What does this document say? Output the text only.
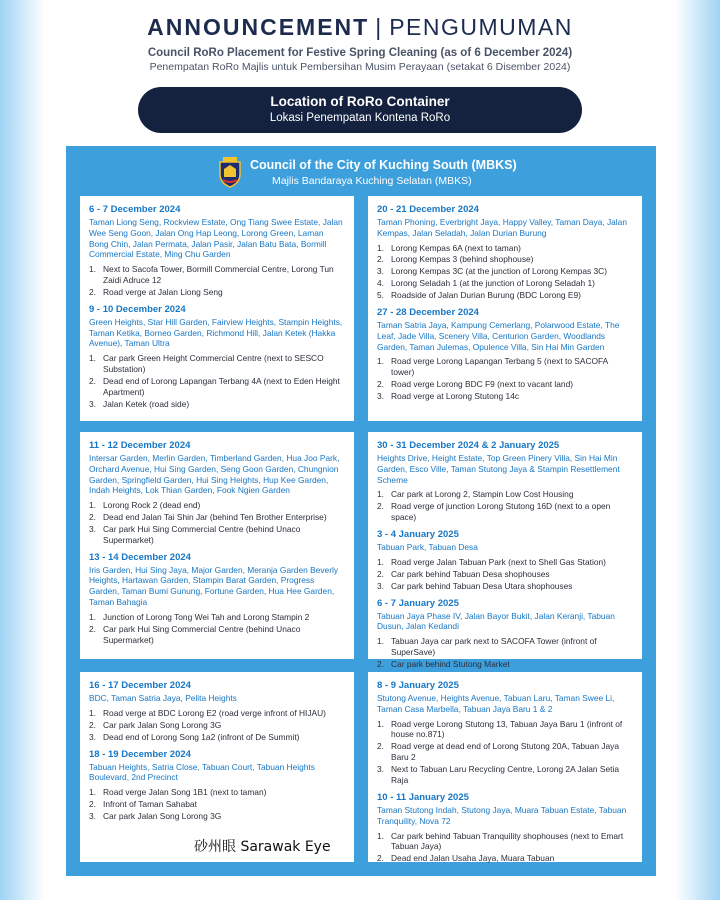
ANNOUNCEMENT | PENGUMUMAN
Council RoRo Placement for Festive Spring Cleaning (as of 6 December 2024)
Penempatan RoRo Majlis untuk Pembersihan Musim Perayaan (setakat 6 Disember 2024)
Location of RoRo Container
Lokasi Penempatan Kontena RoRo
Council of the City of Kuching South (MBKS)
Majlis Bandaraya Kuching Selatan (MBKS)
6 - 7 December 2024
Taman Liong Seng, Rockview Estate, Ong Tiang Swee Estate, Jalan Wee Seng Goon, Jalan Ong Hap Leong, Lorong Green, Laman Bong Chin, Jalan Permata, Jalan Pasir, Jalan Batu Bata, Bormill Commercial Estate, Ming Chu Garden
1. Next to Sacofa Tower, Bormill Commercial Centre, Lorong Tun Zaidi Adruce 12
2. Road verge at Jalan Liong Seng
9 - 10 December 2024
Green Heights, Star Hill Garden, Fairview Heights, Stampin Heights, Taman Ketika, Borneo Garden, Richmond Hill, Jalan Ketek (Hakka Avenue), Taman Ultra
1. Car park Green Height Commercial Centre (next to SESCO Substation)
2. Dead end of Lorong Lapangan Terbang 4A (next to Eden Height Apartment)
3. Jalan Ketek (road side)
20 - 21 December 2024
Taman Phoning, Everbright Jaya, Happy Valley, Taman Daya, Jalan Kempas, Jalan Seladah, Jalan Durian Burung
1. Lorong Kempas 6A (next to taman)
2. Lorong Kempas 3 (behind shophouse)
3. Lorong Kempas 3C (at the junction of Lorong Kempas 3C)
4. Lorong Seladah 1 (at the junction of Lorong Seladah 1)
5. Roadside of Jalan Durian Burung (BDC Lorong E9)
27 - 28 December 2024
Taman Satria Jaya, Kampung Cemerlang, Polarwood Estate, The Leaf, Jade Villa, Scenery Villa, Centurion Garden, Woodlands Garden, Taman Julemas, Opulence Villa, Sin Hai Min Garden
1. Road verge Lorong Lapangan Terbang 5 (next to SACOFA tower)
2. Road verge Lorong BDC F9 (next to vacant land)
3. Road verge at Lorong Stutong 14c
11 - 12 December 2024
Intersar Garden, Merlin Garden, Timberland Garden, Hua Joo Park, Orchard Avenue, Hui Sing Garden, Seng Goon Garden, Chungnion Garden, Springfield Garden, Hui Sing Heights, Hup Kee Garden, Indah Heights, Lok Thian Garden, Fook Ngien Garden
1. Lorong Rock 2 (dead end)
2. Dead end Jalan Tai Shin Jar (behind Ten Brother Enterprise)
3. Car park Hui Sing Commercial Centre (behind Unaco Supermarket)
13 - 14 December 2024
Iris Garden, Hui Sing Jaya, Major Garden, Meranja Garden Beverly Heights, Hartawan Garden, Stampin Barat Garden, Progress Garden, Taman Bumi Gunung, Fortune Garden, Hua Hee Garden, Taman Bahagia
1. Junction of Lorong Tong Wei Tah and Lorong Stampin 2
2. Car park Hui Sing Commercial Centre (behind Unaco Supermarket)
30 - 31 December 2024 & 2 January 2025
Heights Drive, Height Estate, Top Green Pinery Villa, Sin Hai Min Garden, Esco Ville, Taman Stutong Jaya & Stampin Resettlement Scheme
1. Car park at Lorong 2, Stampin Low Cost Housing
2. Road verge of junction Lorong Stutong 16D (next to a open space)
3 - 4 January 2025
Tabuan Park, Tabuan Desa
1. Road verge Jalan Tabuan Park (next to Shell Gas Station)
2. Car park behind Tabuan Desa shophouses
3. Car park behind Tabuan Desa Utara shophouses
6 - 7 January 2025
Tabuan Jaya Phase IV, Jalan Bayor Bukit, Jalan Keranji, Tabuan Dusun, Jalan Kedandi
1. Tabuan Jaya car park next to SACOFA Tower (infront of SuperSave)
2. Car park behind Stutong Market
16 - 17 December 2024
BDC, Taman Satria Jaya, Pelita Heights
1. Road verge at BDC Lorong E2 (road verge infront of HIJAU)
2. Car park Jalan Song Lorong 3G
3. Dead end of Lorong Song 1a2 (infront of De Summit)
18 - 19 December 2024
Tabuan Heights, Satria Close, Tabuan Court, Tabuan Heights Boulevard, 2nd Precinct
1. Road verge Jalan Song 1B1 (next to taman)
2. Infront of Taman Sahabat
3. Car park Jalan Song Lorong 3G
8 - 9 January 2025
Stutong Avenue, Heights Avenue, Tabuan Laru, Taman Swee Li, Taman Casa Marbella, Tabuan Jaya Baru 1 & 2
1. Road verge Lorong Stutong 13, Tabuan Jaya Baru 1 (infront of house no.871)
2. Road verge at dead end of Lorong Stutong 20A, Tabuan Jaya Baru 2
3. Next to Tabuan Laru Recycling Centre, Lorong 2A Jalan Setia Raja
10 - 11 January 2025
Taman Stutong Indah, Stutong Jaya, Muara Tabuan Estate, Tabuan Tranquility, Nova 72
1. Car park behind Tabuan Tranquility shophouses (next to Emart Tabuan Jaya)
2. Dead end Jalan Usaha Jaya, Muara Tabuan
砂州眼 Sarawak Eye
